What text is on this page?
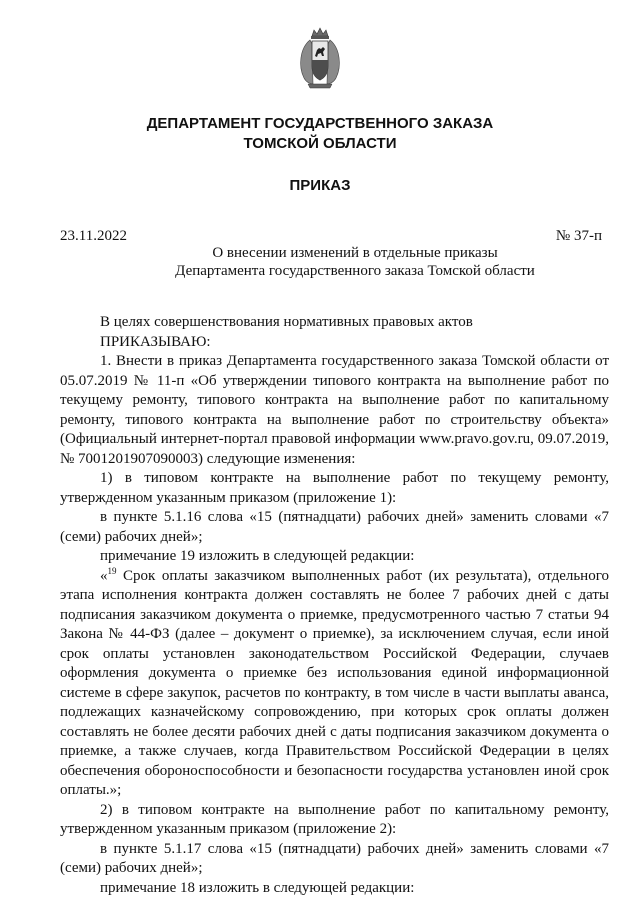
ДЕПАРТАМЕНТ ГОСУДАРСТВЕННОГО ЗАКАЗА
ТОМСКОЙ ОБЛАСТИ
ПРИКАЗ
23.11.2022	№ 37-п
О внесении изменений в отдельные приказы
Департамента государственного заказа Томской области

В целях совершенствования нормативных правовых актов

ПРИКАЗЫВАЮ:

1. Внести в приказ Департамента государственного заказа Томской области от 05.07.2019 № 11-п «Об утверждении типового контракта на выполнение работ по текущему ремонту, типового контракта на выполнение работ по капитальному ремонту, типового контракта на выполнение работ по строительству объекта» (Официальный интернет-портал правовой информации www.pravo.gov.ru, 09.07.2019, № 7001201907090003) следующие изменения:

1) в типовом контракте на выполнение работ по текущему ремонту, утвержденном указанным приказом (приложение 1):

в пункте 5.1.16 слова «15 (пятнадцати) рабочих дней» заменить словами «7 (семи) рабочих дней»;

примечание 19 изложить в следующей редакции:

«$^{19}$ Срок оплаты заказчиком выполненных работ (их результата), отдельного этапа исполнения контракта должен составлять не более 7 рабочих дней с даты подписания заказчиком документа о приемке, предусмотренного частью 7 статьи 94 Закона № 44-ФЗ (далее – документ о приемке), за исключением случая, если иной срок оплаты установлен законодательством Российской Федерации, случаев оформления документа о приемке без использования единой информационной системе в сфере закупок, расчетов по контракту, в том числе в части выплаты аванса, подлежащих казначейскому сопровождению, при которых срок оплаты должен составлять не более десяти рабочих дней с даты подписания заказчиком документа о приемке, а также случаев, когда Правительством Российской Федерации в целях обеспечения обороноспособности и безопасности государства установлен иной срок оплаты.»;

2) в типовом контракте на выполнение работ по капитальному ремонту, утвержденном указанным приказом (приложение 2):

в пункте 5.1.17 слова «15 (пятнадцати) рабочих дней» заменить словами «7 (семи) рабочих дней»;

примечание 18 изложить в следующей редакции:
